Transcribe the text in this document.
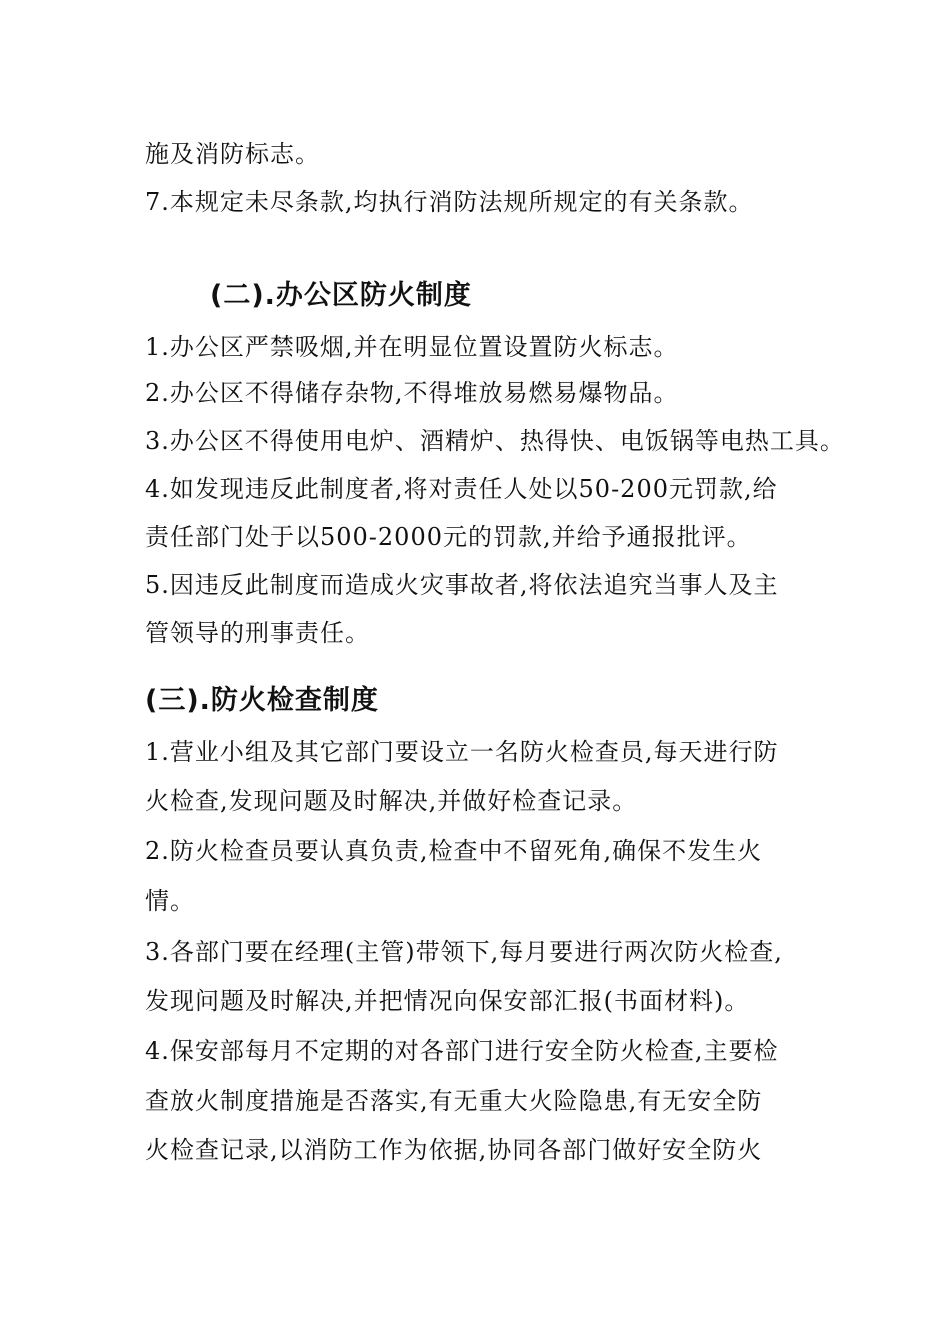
施及消防标志。
7.本规定未尽条款,均执行消防法规所规定的有关条款。
(二).办公区防火制度
1.办公区严禁吸烟,并在明显位置设置防火标志。
2.办公区不得储存杂物,不得堆放易燃易爆物品。
3.办公区不得使用电炉、酒精炉、热得快、电饭锅等电热工具。
4.如发现违反此制度者,将对责任人处以50-200元罚款,给
责任部门处于以500-2000元的罚款,并给予通报批评。
5.因违反此制度而造成火灾事故者,将依法追究当事人及主
管领导的刑事责任。
(三).防火检查制度
1.营业小组及其它部门要设立一名防火检查员,每天进行防
火检查,发现问题及时解决,并做好检查记录。
2.防火检查员要认真负责,检查中不留死角,确保不发生火
情。
3.各部门要在经理(主管)带领下,每月要进行两次防火检查,
发现问题及时解决,并把情况向保安部汇报(书面材料)。
4.保安部每月不定期的对各部门进行安全防火检查,主要检
查放火制度措施是否落实,有无重大火险隐患,有无安全防
火检查记录,以消防工作为依据,协同各部门做好安全防火
